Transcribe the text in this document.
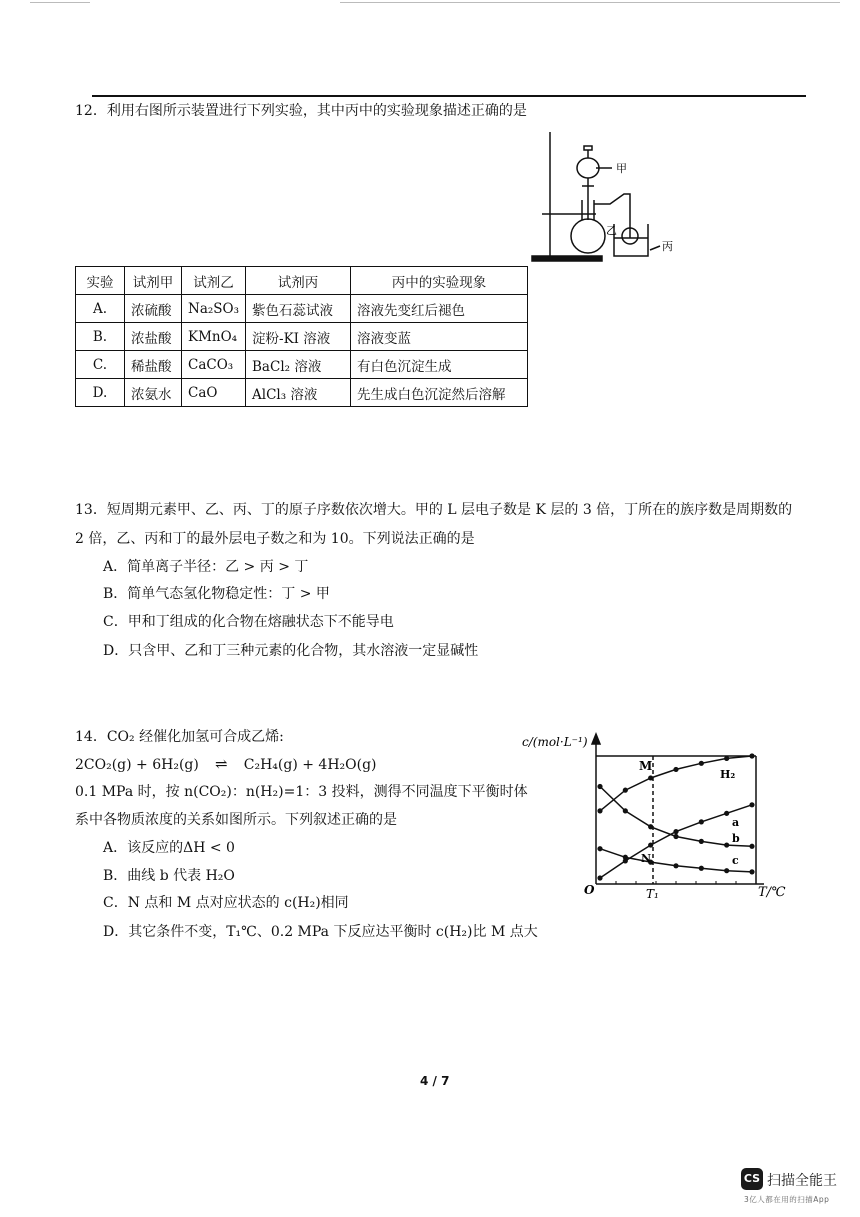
12．利用右图所示装置进行下列实验，其中丙中的实验现象描述正确的是
甲
乙
丙
实验	试剂甲	试剂乙	试剂丙	丙中的实验现象
A.	浓硫酸	Na₂SO₃	紫色石蕊试液	溶液先变红后褪色
B.	浓盐酸	KMnO₄	淀粉-KI 溶液	溶液变蓝
C.	稀盐酸	CaCO₃	BaCl₂ 溶液	有白色沉淀生成
D.	浓氨水	CaO	AlCl₃ 溶液	先生成白色沉淀然后溶解
13．短周期元素甲、乙、丙、丁的原子序数依次增大。甲的 L 层电子数是 K 层的 3 倍，丁所在的族序数是周期数的
2 倍，乙、丙和丁的最外层电子数之和为 10。下列说法正确的是
A．简单离子半径：乙 > 丙 > 丁
B．简单气态氢化物稳定性：丁 > 甲
C．甲和丁组成的化合物在熔融状态下不能导电
D．只含甲、乙和丁三种元素的化合物，其水溶液一定显碱性
14．CO₂ 经催化加氢可合成乙烯:
2CO₂(g) + 6H₂(g) ⇌ C₂H₄(g) + 4H₂O(g)
0.1 MPa 时，按 n(CO₂)：n(H₂)=1：3 投料，测得不同温度下平衡时体
系中各物质浓度的关系如图所示。下列叙述正确的是
A．该反应的ΔH < 0
B．曲线 b 代表 H₂O
C．N 点和 M 点对应状态的 c(H₂)相同
D．其它条件不变，T₁℃、0.2 MPa 下反应达平衡时 c(H₂)比 M 点大
H₂
a
b
c
c/(mol·L⁻¹)
T/℃
O	T₁
M
N
4 / 7
CS 扫描全能王
3亿人都在用的扫描App
